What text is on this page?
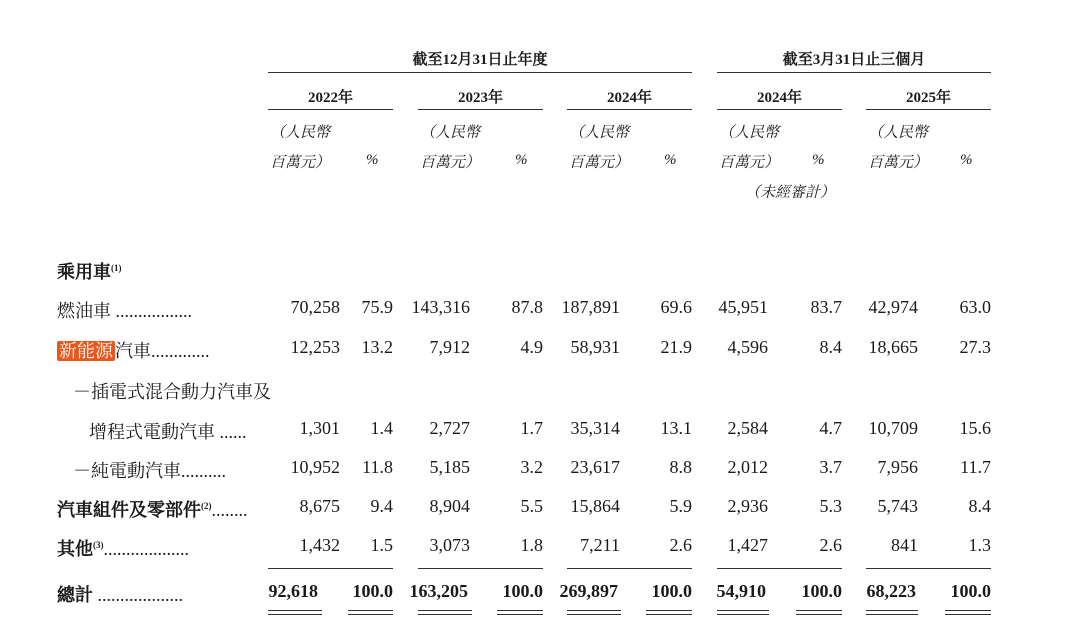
截至12月31日止年度	截至3月31日止三個月
2022年	2023年	2024年	2024年	2025年
（人民幣
百萬元） %
（人民幣
百萬元） %
（人民幣
百萬元） %
（人民幣
百萬元） %
（未經審計）
（人民幣
百萬元） %
乘用車$^{(1)}$
燃油車 .................	70,258	75.9	143,316	87.8	187,891	69.6	45,951	83.7	42,974	63.0
新能源 汽車.............	12,253	13.2	7,912	4.9	58,931	21.9	4,596	8.4	18,665	27.3
－插電式混合動力汽車及
增程式電動汽車 ......	1,301	1.4	2,727	1.7	35,314	13.1	2,584	4.7	10,709	15.6
－純電動汽車..........	10,952	11.8	5,185	3.2	23,617	8.8	2,012	3.7	7,956	11.7
汽車組件及零部件$^{(2)}$........	8,675	9.4	8,904	5.5	15,864	5.9	2,936	5.3	5,743	8.4
其他$^{(3)}$...................	1,432	1.5	3,073	1.8	7,211	2.6	1,427	2.6	841	1.3
總計 ...................	92,618	100.0 163,205	100.0 269,897	100.0	54,910	100.0	68,223	100.0
